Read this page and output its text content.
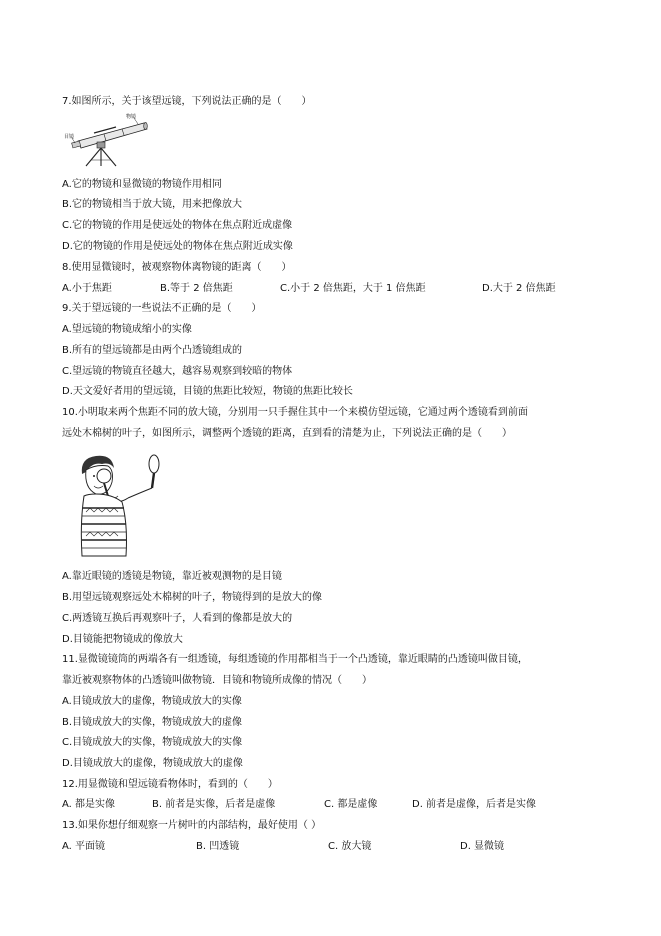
7.如图所示，关于该望远镜，下列说法正确的是（　　）
物镜
目镜
A.它的物镜和显微镜的物镜作用相同
B.它的物镜相当于放大镜，用来把像放大
C.它的物镜的作用是使远处的物体在焦点附近成虚像
D.它的物镜的作用是使远处的物体在焦点附近成实像
8.使用显微镜时，被观察物体离物镜的距离（　　）
A.小于焦距	B.等于 2 倍焦距	C.小于 2 倍焦距，大于 1 倍焦距	D.大于 2 倍焦距
9.关于望远镜的一些说法不正确的是（　　）
A.望远镜的物镜成缩小的实像
B.所有的望远镜都是由两个凸透镜组成的
C.望远镜的物镜直径越大，越容易观察到较暗的物体
D.天文爱好者用的望远镜，目镜的焦距比较短，物镜的焦距比较长
10.小明取来两个焦距不同的放大镜，分别用一只手握住其中一个来模仿望远镜，它通过两个透镜看到前面
远处木棉树的叶子，如图所示，调整两个透镜的距离，直到看的清楚为止，下列说法正确的是（　　）
A.靠近眼镜的透镜是物镜，靠近被观测物的是目镜
B.用望远镜观察远处木棉树的叶子，物镜得到的是放大的像
C.两透镜互换后再观察叶子，人看到的像都是放大的
D.目镜能把物镜成的像放大
11.显微镜镜筒的两端各有一组透镜，每组透镜的作用都相当于一个凸透镜，靠近眼睛的凸透镜叫做目镜，
靠近被观察物体的凸透镜叫做物镜．目镜和物镜所成像的情况（　　）
A.目镜成放大的虚像，物镜成放大的实像
B.目镜成放大的实像，物镜成放大的虚像
C.目镜成放大的实像，物镜成放大的实像
D.目镜成放大的虚像，物镜成放大的虚像
12.用显微镜和望远镜看物体时，看到的（　　）
A. 都是实像	B. 前者是实像，后者是虚像	C. 都是虚像	D. 前者是虚像，后者是实像
13.如果你想仔细观察一片树叶的内部结构，最好使用（ ）
A. 平面镜	B. 凹透镜	C. 放大镜	D. 显微镜
